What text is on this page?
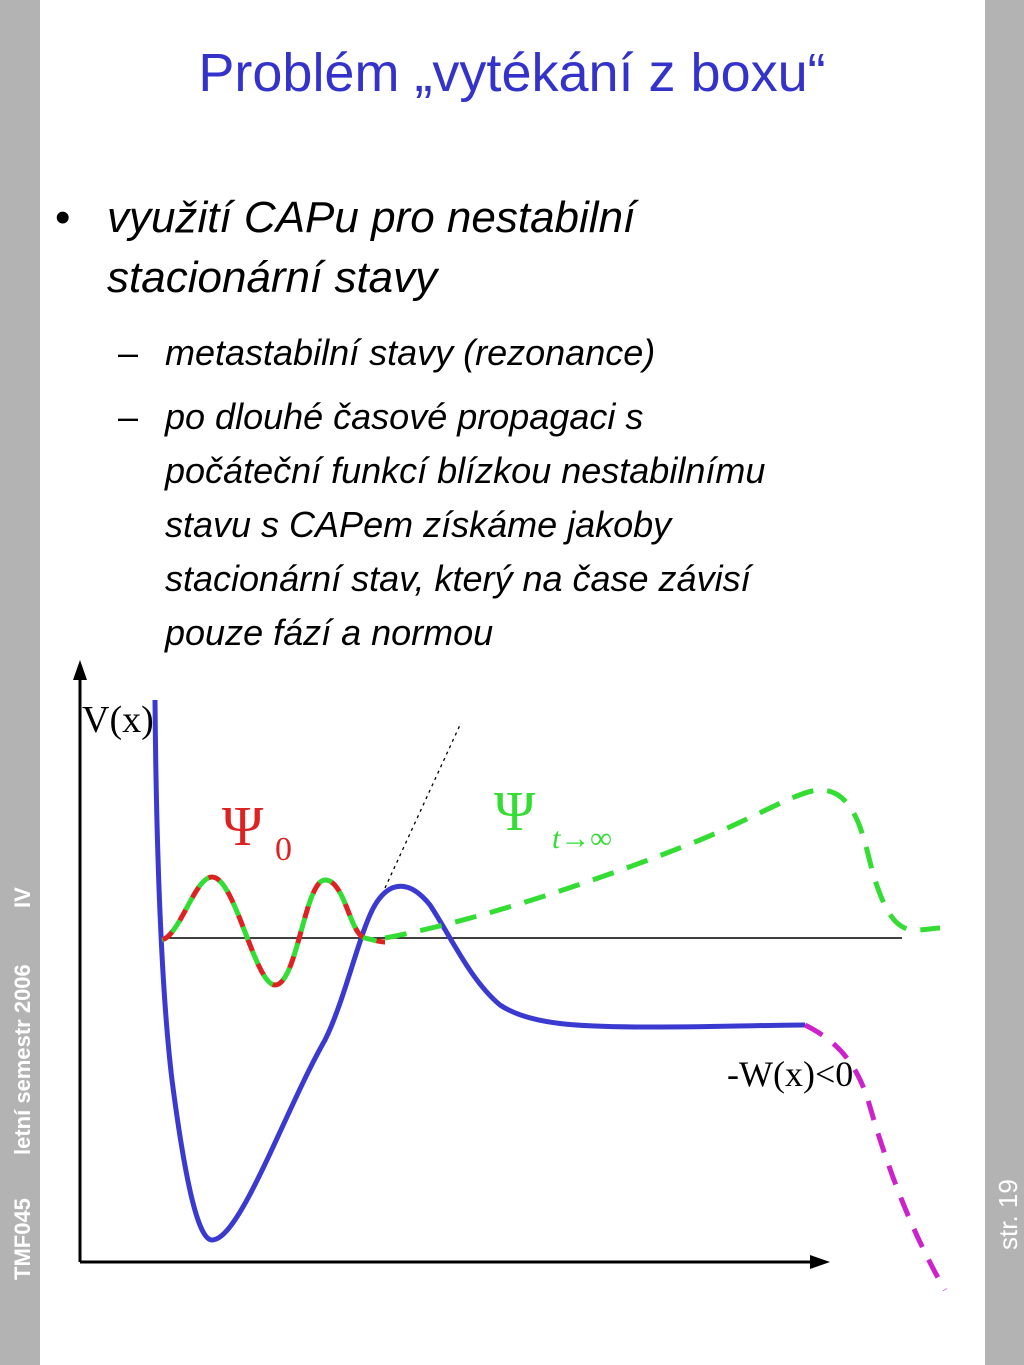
TMF045
letní semestr 2006
IV
str. 19
Problém „vytékání z boxu“
• využití CAPu pro nestabilní
stacionární stavy
– metastabilní stavy (rezonance)
– po dlouhé časové propagaci s
počáteční funkcí blízkou nestabilnímu
stavu s CAPem získáme jakoby
stacionární stav, který na čase závisí
pouze fází a normou
V(x)
Ψ 0
Ψ t→∞
-W(x)<0
